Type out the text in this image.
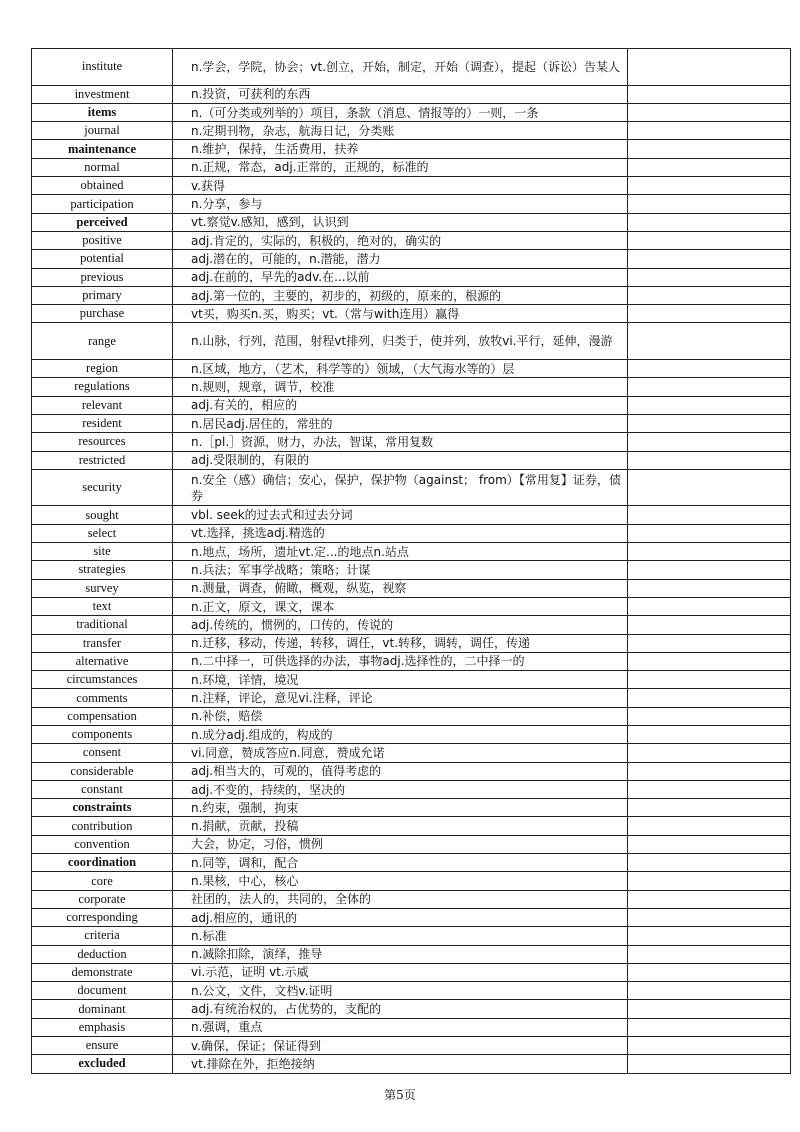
institute	n.学会，学院，协会；vt.创立，开始，制定，开始（调查），提起（诉讼）告某人	
investment	n.投资，可获利的东西	
items	n.（可分类或列举的）项目，条款（消息、情报等的）一则，一条	
journal	n.定期刊物，杂志，航海日记，分类账	
maintenance	n.维护，保持，生活费用，扶养	
normal	n.正规，常态，adj.正常的，正规的，标准的	
obtained	v.获得	
participation	n.分享，参与	
perceived	vt.察觉v.感知，感到，认识到	
positive	adj.肯定的，实际的，积极的，绝对的，确实的	
potential	adj.潜在的，可能的，n.潜能，潜力	
previous	adj.在前的，早先的adv.在...以前	
primary	adj.第一位的，主要的，初步的，初级的，原来的，根源的	
purchase	vt买，购买n.买，购买；vt.（常与with连用）赢得	
range	n.山脉，行列，范围，射程vt排列，归类于，使并列，放牧vi.平行，延伸，漫游	
region	n.区域，地方，（艺术，科学等的）领域，（大气海水等的）层	
regulations	n.规则，规章，调节，校准	
relevant	adj.有关的，相应的	
resident	n.居民adj.居住的，常驻的	
resources	n.［pl.］资源，财力，办法，智谋，常用复数	
restricted	adj.受限制的，有限的	
security	n.安全（感）确信；安心，保护，保护物（against； from）【常用复】证券，债券	
sought	vbl. seek的过去式和过去分词	
select	vt.选择，挑选adj.精选的	
site	n.地点，场所，遗址vt.定...的地点n.站点	
strategies	n.兵法；军事学战略；策略；计谋	
survey	n.测量，调查，俯瞰，概观，纵览，视察	
text	n.正文，原文，课文，课本	
traditional	adj.传统的，惯例的，口传的，传说的	
transfer	n.迁移，移动，传递，转移，调任，vt.转移，调转，调任，传递	
alternative	n.二中择一，可供选择的办法，事物adj.选择性的，二中择一的	
circumstances	n.环境，详情，境况	
comments	n.注释，评论，意见vi.注释，评论	
compensation	n.补偿，赔偿	
components	n.成分adj.组成的，构成的	
consent	vi.同意，赞成答应n.同意，赞成允诺	
considerable	adj.相当大的，可观的，值得考虑的	
constant	adj.不变的，持续的，坚决的	
constraints	n.约束，强制，拘束	
contribution	n.捐献，贡献，投稿	
convention	大会，协定，习俗，惯例	
coordination	n.同等，调和，配合	
core	n.果核，中心，核心	
corporate	社团的，法人的，共同的，全体的	
corresponding	adj.相应的，通讯的	
criteria	n.标准	
deduction	n.减除扣除，演绎，推导	
demonstrate	vi.示范，证明 vt.示威	
document	n.公文，文件，文档v.证明	
dominant	adj.有统治权的，占优势的，支配的	
emphasis	n.强调，重点	
ensure	v.确保，保证；保证得到	
excluded	vt.排除在外，拒绝接纳	
第5页
